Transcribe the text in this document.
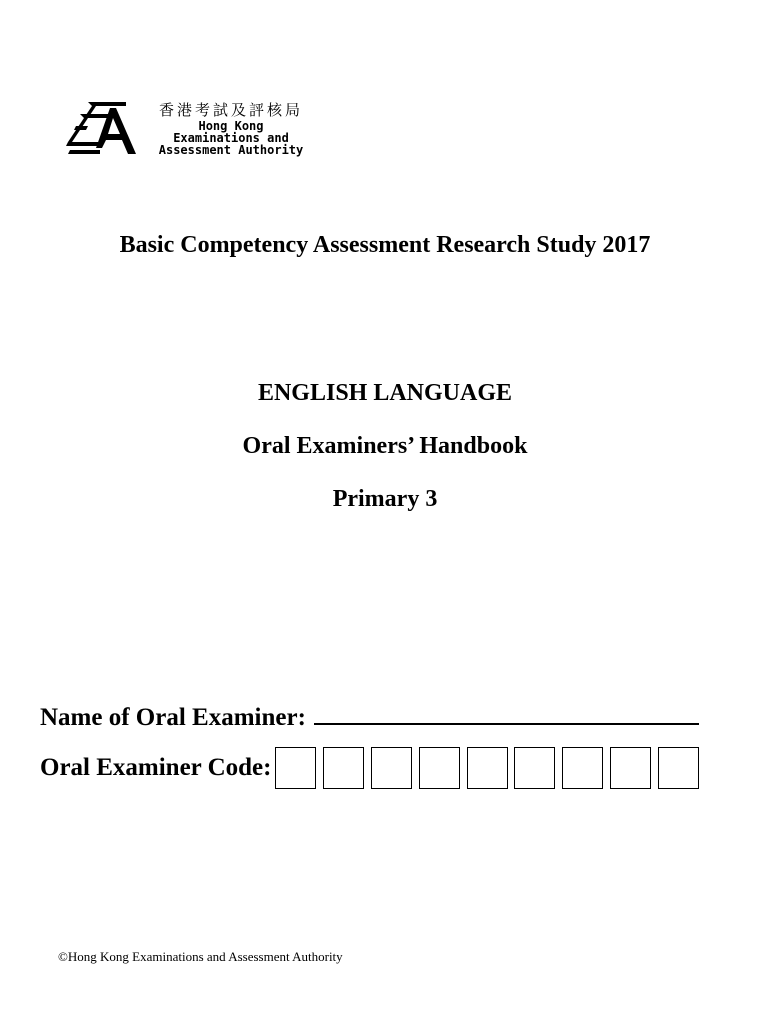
香港考試及評核局
Hong Kong
Examinations and
Assessment Authority
Basic Competency Assessment Research Study 2017
ENGLISH LANGUAGE
Oral Examiners’ Handbook
Primary 3
Name of Oral Examiner:
Oral Examiner Code:
©Hong Kong Examinations and Assessment Authority
